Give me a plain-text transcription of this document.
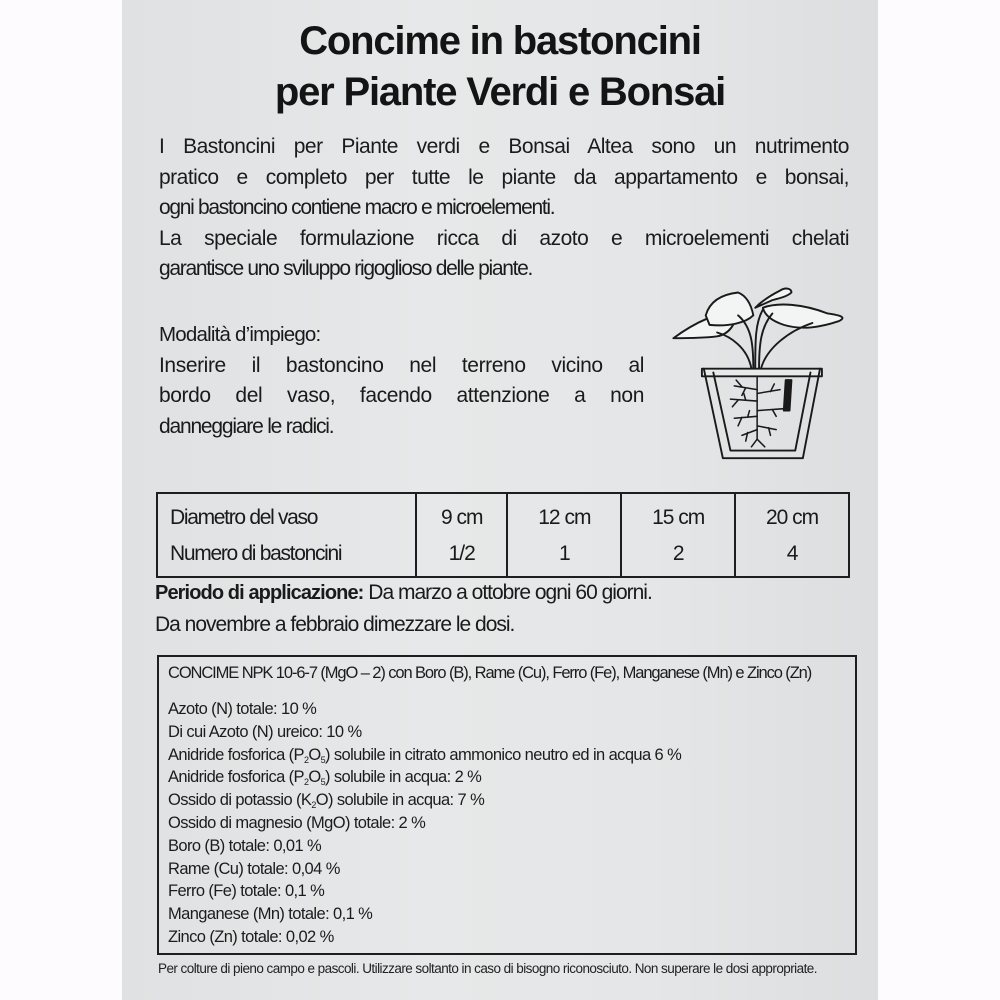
Concime in bastoncini
per Piante Verdi e Bonsai
I Bastoncini per Piante verdi e Bonsai Altea sono un nutrimento
pratico e completo per tutte le piante da appartamento e bonsai,
ogni bastoncino contiene macro e microelementi.
La speciale formulazione ricca di azoto e microelementi chelati
garantisce uno sviluppo rigoglioso delle piante.
Modalità d’impiego:
Inserire il bastoncino nel terreno vicino al
bordo del vaso, facendo attenzione a non
danneggiare le radici.
Diametro del vaso	9 cm	12 cm	15 cm	20 cm
Numero di bastoncini	1/2	1	2	4
Periodo di applicazione: Da marzo a ottobre ogni 60 giorni.
Da novembre a febbraio dimezzare le dosi.
CONCIME NPK 10-6-7 (MgO – 2) con Boro (B), Rame (Cu), Ferro (Fe), Manganese (Mn) e Zinco (Zn)
Azoto (N) totale: 10 %
Di cui Azoto (N) ureico: 10 %
Anidride fosforica $(P_2O_5)$ solubile in citrato ammonico neutro ed in acqua 6 %
Anidride fosforica $(P_2O_5)$ solubile in acqua: 2 %
Ossido di potassio $(K_2O)$ solubile in acqua: 7 %
Ossido di magnesio (MgO) totale: 2 %
Boro (B) totale: 0,01 %
Rame (Cu) totale: 0,04 %
Ferro (Fe) totale: 0,1 %
Manganese (Mn) totale: 0,1 %
Zinco (Zn) totale: 0,02 %
Per colture di pieno campo e pascoli. Utilizzare soltanto in caso di bisogno riconosciuto. Non superare le dosi appropriate.
